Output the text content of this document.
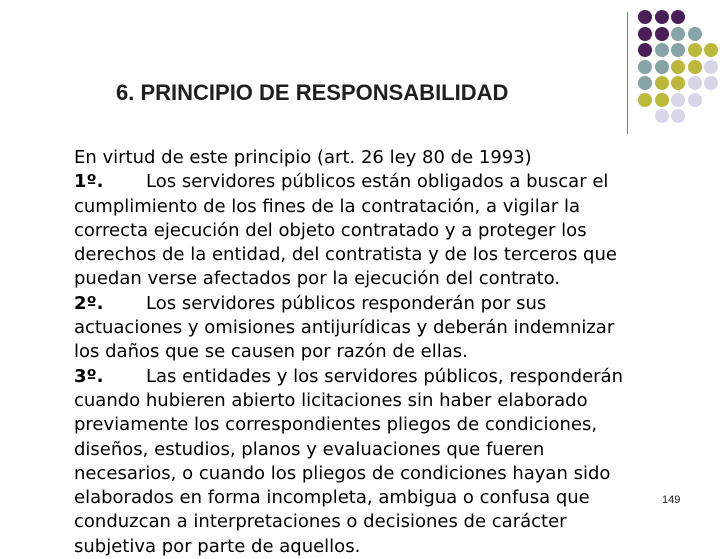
6. PRINCIPIO DE RESPONSABILIDAD
En virtud de este principio (art. 26 ley 80 de 1993)
1º. Los servidores públicos están obligados a buscar el
cumplimiento de los fines de la contratación, a vigilar la
correcta ejecución del objeto contratado y a proteger los
derechos de la entidad, del contratista y de los terceros que
puedan verse afectados por la ejecución del contrato.
2º. Los servidores públicos responderán por sus
actuaciones y omisiones antijurídicas y deberán indemnizar
los daños que se causen por razón de ellas.
3º. Las entidades y los servidores públicos, responderán
cuando hubieren abierto licitaciones sin haber elaborado
previamente los correspondientes pliegos de condiciones,
diseños, estudios, planos y evaluaciones que fueren
necesarios, o cuando los pliegos de condiciones hayan sido
elaborados en forma incompleta, ambigua o confusa que
conduzcan a interpretaciones o decisiones de carácter
subjetiva por parte de aquellos.
149
